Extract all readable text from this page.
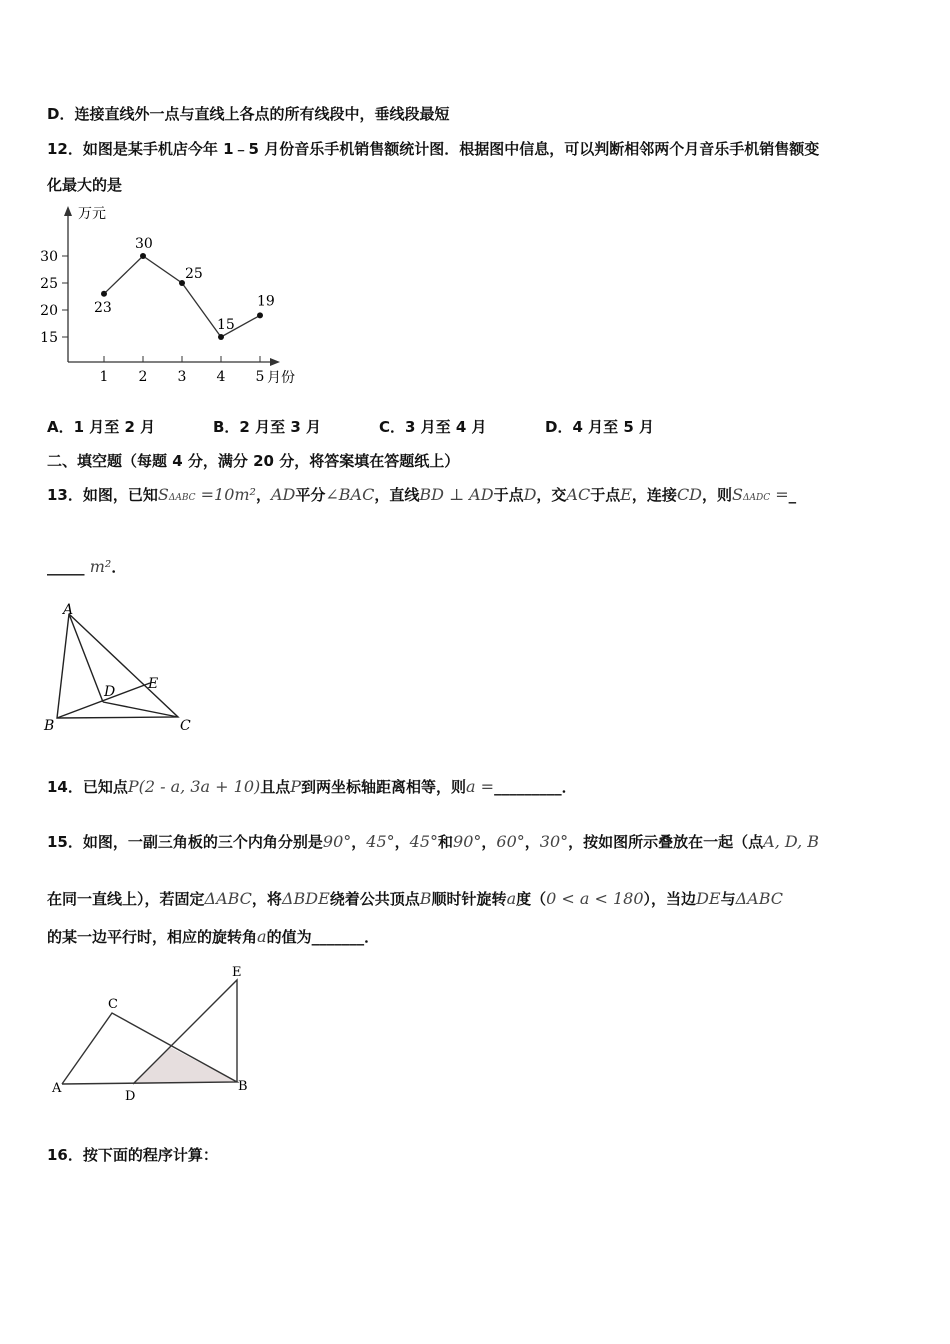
D．连接直线外一点与直线上各点的所有线段中，垂线段最短
12．如图是某手机店今年 1﹣5 月份音乐手机销售额统计图．根据图中信息，可以判断相邻两个月音乐手机销售额变
化最大的是
15
20
25
30
1 2 3 4 5 月份
万元
23
30
25
15
19
A．1 月至 2 月	B．2 月至 3 月	C．3 月至 4 月	D．4 月至 5 月
二、填空题（每题 4 分，满分 20 分，将答案填在答题纸上）
13．如图，已知SΔABC =10m²，AD平分∠BAC，直线BD ⊥ AD于点D，交AC于点E，连接CD，则SΔADC =_
_____ m²．
A
B	C
D E
14．已知点P(2 - a, 3a + 10)且点P到两坐标轴距离相等，则a =_________．
15．如图，一副三角板的三个内角分别是90°，45°，45°和90°，60°，30°，按如图所示叠放在一起（点A, D, B
在同一直线上），若固定ΔABC，将ΔBDE绕着公共顶点B顺时针旋转a度（0 < a < 180），当边DE与ΔABC
的某一边平行时，相应的旋转角a的值为_______．
A	B
C
D
E
16．按下面的程序计算：
